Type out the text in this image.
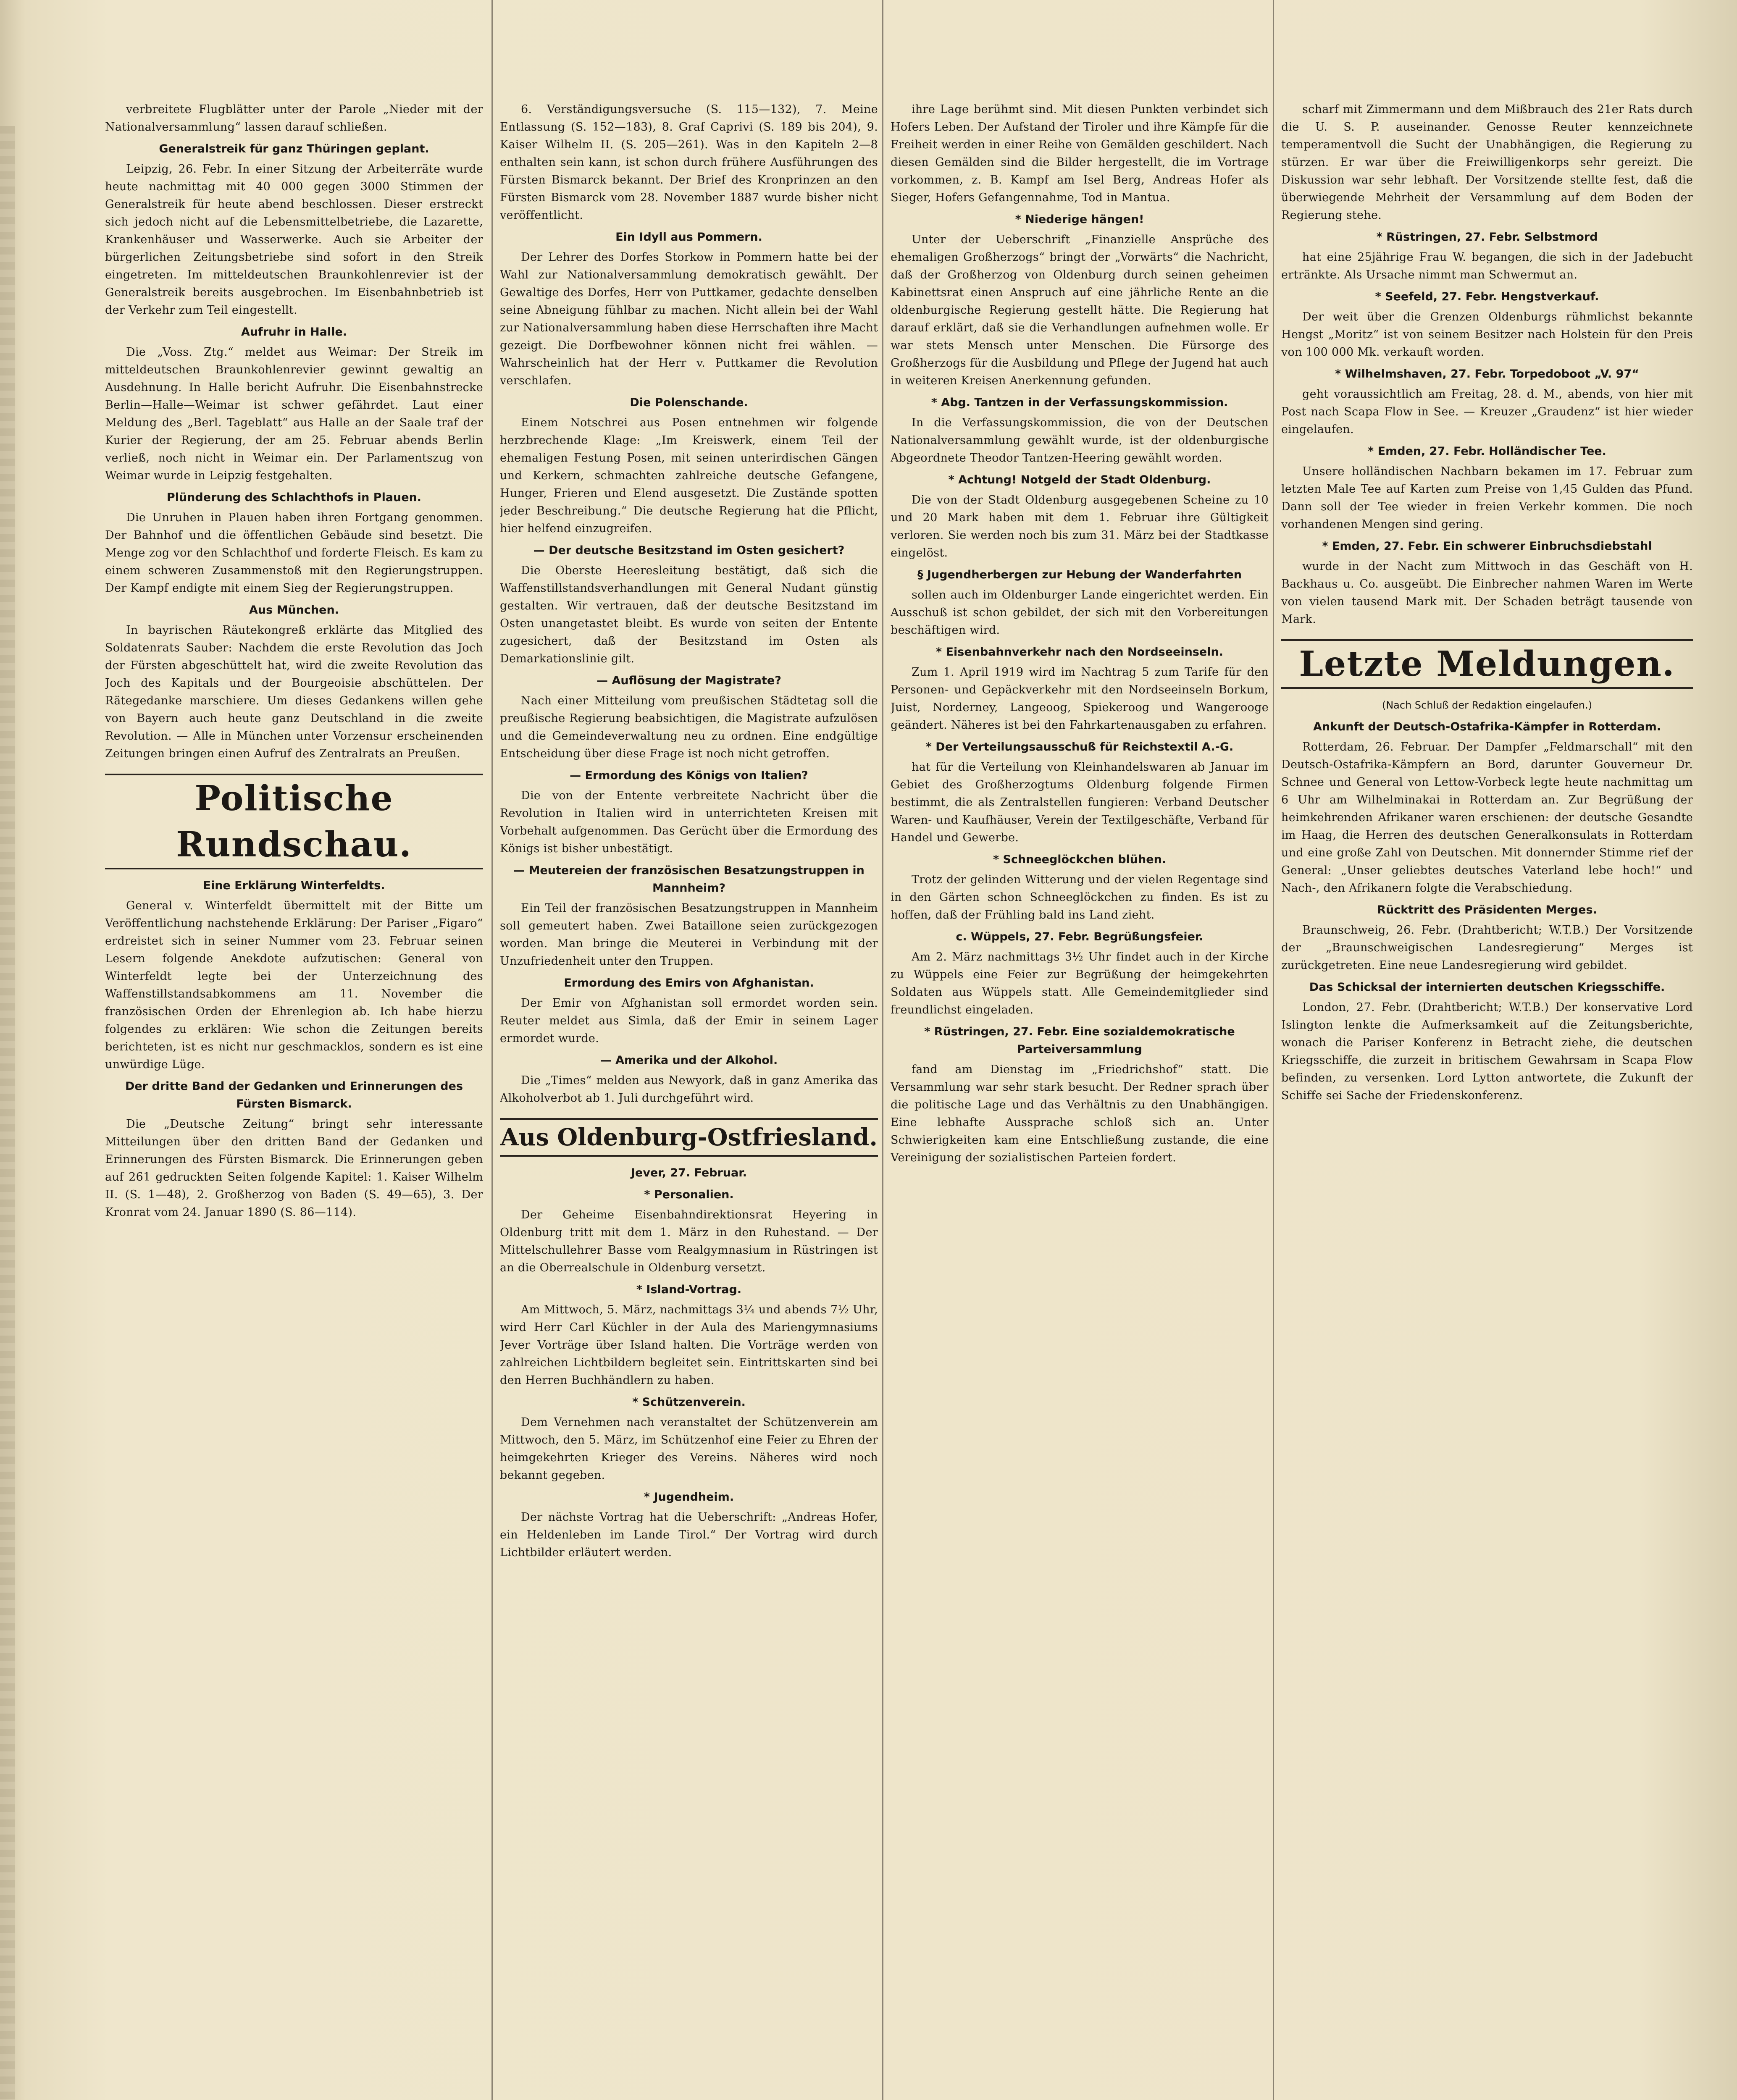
verbreitete Flugblätter unter der Parole „Nieder mit der Nationalversammlung“ lassen darauf schließen.

Generalstreik für ganz Thüringen geplant.

Leipzig, 26. Febr. In einer Sitzung der Arbeiterräte wurde heute nachmittag mit 40 000 gegen 3000 Stimmen der Generalstreik für heute abend beschlossen. Dieser erstreckt sich jedoch nicht auf die Lebensmittelbetriebe, die Lazarette, Krankenhäuser und Wasserwerke. Auch sie Arbeiter der bürgerlichen Zeitungsbetriebe sind sofort in den Streik eingetreten. Im mitteldeutschen Braunkohlenrevier ist der Generalstreik bereits ausgebrochen. Im Eisenbahnbetrieb ist der Verkehr zum Teil eingestellt.

Aufruhr in Halle.

Die „Voss. Ztg.“ meldet aus Weimar: Der Streik im mitteldeutschen Braunkohlenrevier gewinnt gewaltig an Ausdehnung. In Halle bericht Aufruhr. Die Eisenbahnstrecke Berlin—Halle—Weimar ist schwer gefährdet. Laut einer Meldung des „Berl. Tageblatt“ aus Halle an der Saale traf der Kurier der Regierung, der am 25. Februar abends Berlin verließ, noch nicht in Weimar ein. Der Parlamentszug von Weimar wurde in Leipzig festgehalten.

Plünderung des Schlachthofs in Plauen.

Die Unruhen in Plauen haben ihren Fortgang genommen. Der Bahnhof und die öffentlichen Gebäude sind besetzt. Die Menge zog vor den Schlachthof und forderte Fleisch. Es kam zu einem schweren Zusammenstoß mit den Regierungstruppen. Der Kampf endigte mit einem Sieg der Regierungstruppen.

Aus München.

In bayrischen Räutekongreß erklärte das Mitglied des Soldatenrats Sauber: Nachdem die erste Revolution das Joch der Fürsten abgeschüttelt hat, wird die zweite Revolution das Joch des Kapitals und der Bourgeoisie abschüttelen. Der Rätegedanke marschiere. Um dieses Gedankens willen gehe von Bayern auch heute ganz Deutschland in die zweite Revolution. — Alle in München unter Vorzensur erscheinenden Zeitungen bringen einen Aufruf des Zentralrats an Preußen.

Politische Rundschau.
Eine Erklärung Winterfeldts.

General v. Winterfeldt übermittelt mit der Bitte um Veröffentlichung nachstehende Erklärung: Der Pariser „Figaro“ erdreistet sich in seiner Nummer vom 23. Februar seinen Lesern folgende Anekdote aufzutischen: General von Winterfeldt legte bei der Unterzeichnung des Waffenstillstandsabkommens am 11. November die französischen Orden der Ehrenlegion ab. Ich habe hierzu folgendes zu erklären: Wie schon die Zeitungen bereits berichteten, ist es nicht nur geschmacklos, sondern es ist eine unwürdige Lüge.

Der dritte Band der Gedanken und Erinnerungen des Fürsten Bismarck.

Die „Deutsche Zeitung“ bringt sehr interessante Mitteilungen über den dritten Band der Gedanken und Erinnerungen des Fürsten Bismarck. Die Erinnerungen geben auf 261 gedruckten Seiten folgende Kapitel: 1. Kaiser Wilhelm II. (S. 1—48), 2. Großherzog von Baden (S. 49—65), 3. Der Kronrat vom 24. Januar 1890 (S. 86—114).

6. Verständigungsversuche (S. 115—132), 7. Meine Entlassung (S. 152—183), 8. Graf Caprivi (S. 189 bis 204), 9. Kaiser Wilhelm II. (S. 205—261). Was in den Kapiteln 2—8 enthalten sein kann, ist schon durch frühere Ausführungen des Fürsten Bismarck bekannt. Der Brief des Kronprinzen an den Fürsten Bismarck vom 28. November 1887 wurde bisher nicht veröffentlicht.

Ein Idyll aus Pommern.

Der Lehrer des Dorfes Storkow in Pommern hatte bei der Wahl zur Nationalversammlung demokratisch gewählt. Der Gewaltige des Dorfes, Herr von Puttkamer, gedachte denselben seine Abneigung fühlbar zu machen. Nicht allein bei der Wahl zur Nationalversammlung haben diese Herrschaften ihre Macht gezeigt. Die Dorfbewohner können nicht frei wählen. — Wahrscheinlich hat der Herr v. Puttkamer die Revolution verschlafen.

Die Polenschande.

Einem Notschrei aus Posen entnehmen wir folgende herzbrechende Klage: „Im Kreiswerk, einem Teil der ehemaligen Festung Posen, mit seinen unterirdischen Gängen und Kerkern, schmachten zahlreiche deutsche Gefangene, Hunger, Frieren und Elend ausgesetzt. Die Zustände spotten jeder Beschreibung.“ Die deutsche Regierung hat die Pflicht, hier helfend einzugreifen.

— Der deutsche Besitzstand im Osten gesichert?

Die Oberste Heeresleitung bestätigt, daß sich die Waffenstillstandsverhandlungen mit General Nudant günstig gestalten. Wir vertrauen, daß der deutsche Besitzstand im Osten unangetastet bleibt. Es wurde von seiten der Entente zugesichert, daß der Besitzstand im Osten als Demarkationslinie gilt.

— Auflösung der Magistrate?

Nach einer Mitteilung vom preußischen Städtetag soll die preußische Regierung beabsichtigen, die Magistrate aufzulösen und die Gemeindeverwaltung neu zu ordnen. Eine endgültige Entscheidung über diese Frage ist noch nicht getroffen.

— Ermordung des Königs von Italien?

Die von der Entente verbreitete Nachricht über die Revolution in Italien wird in unterrichteten Kreisen mit Vorbehalt aufgenommen. Das Gerücht über die Ermordung des Königs ist bisher unbestätigt.

— Meutereien der französischen Besatzungstruppen in Mannheim?

Ein Teil der französischen Besatzungstruppen in Mannheim soll gemeutert haben. Zwei Bataillone seien zurückgezogen worden. Man bringe die Meuterei in Verbindung mit der Unzufriedenheit unter den Truppen.

Ermordung des Emirs von Afghanistan.

Der Emir von Afghanistan soll ermordet worden sein. Reuter meldet aus Simla, daß der Emir in seinem Lager ermordet wurde.

— Amerika und der Alkohol.

Die „Times“ melden aus Newyork, daß in ganz Amerika das Alkoholverbot ab 1. Juli durchgeführt wird.

Aus Oldenburg-Ostfriesland.
Jever, 27. Februar.
* Personalien.

Der Geheime Eisenbahndirektionsrat Heyering in Oldenburg tritt mit dem 1. März in den Ruhestand. — Der Mittelschullehrer Basse vom Realgymnasium in Rüstringen ist an die Oberrealschule in Oldenburg versetzt.

* Island-Vortrag.

Am Mittwoch, 5. März, nachmittags 3¼ und abends 7½ Uhr, wird Herr Carl Küchler in der Aula des Mariengymnasiums Jever Vorträge über Island halten. Die Vorträge werden von zahlreichen Lichtbildern begleitet sein. Eintrittskarten sind bei den Herren Buchhändlern zu haben.

* Schützenverein.

Dem Vernehmen nach veranstaltet der Schützenverein am Mittwoch, den 5. März, im Schützenhof eine Feier zu Ehren der heimgekehrten Krieger des Vereins. Näheres wird noch bekannt gegeben.

* Jugendheim.

Der nächste Vortrag hat die Ueberschrift: „Andreas Hofer, ein Heldenleben im Lande Tirol.“ Der Vortrag wird durch Lichtbilder erläutert werden.

ihre Lage berühmt sind. Mit diesen Punkten verbindet sich Hofers Leben. Der Aufstand der Tiroler und ihre Kämpfe für die Freiheit werden in einer Reihe von Gemälden geschildert. Nach diesen Gemälden sind die Bilder hergestellt, die im Vortrage vorkommen, z. B. Kampf am Isel Berg, Andreas Hofer als Sieger, Hofers Gefangennahme, Tod in Mantua.

* Niederige hängen!

Unter der Ueberschrift „Finanzielle Ansprüche des ehemaligen Großherzogs“ bringt der „Vorwärts“ die Nachricht, daß der Großherzog von Oldenburg durch seinen geheimen Kabinettsrat einen Anspruch auf eine jährliche Rente an die oldenburgische Regierung gestellt hätte. Die Regierung hat darauf erklärt, daß sie die Verhandlungen aufnehmen wolle. Er war stets Mensch unter Menschen. Die Fürsorge des Großherzogs für die Ausbildung und Pflege der Jugend hat auch in weiteren Kreisen Anerkennung gefunden.

* Abg. Tantzen in der Verfassungskommission.

In die Verfassungskommission, die von der Deutschen Nationalversammlung gewählt wurde, ist der oldenburgische Abgeordnete Theodor Tantzen-Heering gewählt worden.

* Achtung! Notgeld der Stadt Oldenburg.

Die von der Stadt Oldenburg ausgegebenen Scheine zu 10 und 20 Mark haben mit dem 1. Februar ihre Gültigkeit verloren. Sie werden noch bis zum 31. März bei der Stadtkasse eingelöst.

§ Jugendherbergen zur Hebung der Wanderfahrten

sollen auch im Oldenburger Lande eingerichtet werden. Ein Ausschuß ist schon gebildet, der sich mit den Vorbereitungen beschäftigen wird.

* Eisenbahnverkehr nach den Nordseeinseln.

Zum 1. April 1919 wird im Nachtrag 5 zum Tarife für den Personen- und Gepäckverkehr mit den Nordseeinseln Borkum, Juist, Norderney, Langeoog, Spiekeroog und Wangerooge geändert. Näheres ist bei den Fahrkartenausgaben zu erfahren.

* Der Verteilungsausschuß für Reichstextil A.-G.

hat für die Verteilung von Kleinhandelswaren ab Januar im Gebiet des Großherzogtums Oldenburg folgende Firmen bestimmt, die als Zentralstellen fungieren: Verband Deutscher Waren- und Kaufhäuser, Verein der Textilgeschäfte, Verband für Handel und Gewerbe.

* Schneeglöckchen blühen.

Trotz der gelinden Witterung und der vielen Regentage sind in den Gärten schon Schneeglöckchen zu finden. Es ist zu hoffen, daß der Frühling bald ins Land zieht.

c. Wüppels, 27. Febr. Begrüßungsfeier.

Am 2. März nachmittags 3½ Uhr findet auch in der Kirche zu Wüppels eine Feier zur Begrüßung der heimgekehrten Soldaten aus Wüppels statt. Alle Gemeindemitglieder sind freundlichst eingeladen.

* Rüstringen, 27. Febr. Eine sozialdemokratische Parteiversammlung

fand am Dienstag im „Friedrichshof“ statt. Die Versammlung war sehr stark besucht. Der Redner sprach über die politische Lage und das Verhältnis zu den Unabhängigen. Eine lebhafte Aussprache schloß sich an. Unter Schwierigkeiten kam eine Entschließung zustande, die eine Vereinigung der sozialistischen Parteien fordert.

scharf mit Zimmermann und dem Mißbrauch des 21er Rats durch die U. S. P. auseinander. Genosse Reuter kennzeichnete temperamentvoll die Sucht der Unabhängigen, die Regierung zu stürzen. Er war über die Freiwilligenkorps sehr gereizt. Die Diskussion war sehr lebhaft. Der Vorsitzende stellte fest, daß die überwiegende Mehrheit der Versammlung auf dem Boden der Regierung stehe.

* Rüstringen, 27. Febr. Selbstmord

hat eine 25jährige Frau W. begangen, die sich in der Jadebucht ertränkte. Als Ursache nimmt man Schwermut an.

* Seefeld, 27. Febr. Hengstverkauf.

Der weit über die Grenzen Oldenburgs rühmlichst bekannte Hengst „Moritz“ ist von seinem Besitzer nach Holstein für den Preis von 100 000 Mk. verkauft worden.

* Wilhelmshaven, 27. Febr. Torpedoboot „V. 97“

geht voraussichtlich am Freitag, 28. d. M., abends, von hier mit Post nach Scapa Flow in See. — Kreuzer „Graudenz“ ist hier wieder eingelaufen.

* Emden, 27. Febr. Holländischer Tee.

Unsere holländischen Nachbarn bekamen im 17. Februar zum letzten Male Tee auf Karten zum Preise von 1,45 Gulden das Pfund. Dann soll der Tee wieder in freien Verkehr kommen. Die noch vorhandenen Mengen sind gering.

* Emden, 27. Febr. Ein schwerer Einbruchsdiebstahl

wurde in der Nacht zum Mittwoch in das Geschäft von H. Backhaus u. Co. ausgeübt. Die Einbrecher nahmen Waren im Werte von vielen tausend Mark mit. Der Schaden beträgt tausende von Mark.

Letzte Meldungen.
(Nach Schluß der Redaktion eingelaufen.)
Ankunft der Deutsch-Ostafrika-Kämpfer in Rotterdam.

Rotterdam, 26. Februar. Der Dampfer „Feldmarschall“ mit den Deutsch-Ostafrika-Kämpfern an Bord, darunter Gouverneur Dr. Schnee und General von Lettow-Vorbeck legte heute nachmittag um 6 Uhr am Wilhelminakai in Rotterdam an. Zur Begrüßung der heimkehrenden Afrikaner waren erschienen: der deutsche Gesandte im Haag, die Herren des deutschen Generalkonsulats in Rotterdam und eine große Zahl von Deutschen. Mit donnernder Stimme rief der General: „Unser geliebtes deutsches Vaterland lebe hoch!“ und Nach-, den Afrikanern folgte die Verabschiedung.

Rücktritt des Präsidenten Merges.

Braunschweig, 26. Febr. (Drahtbericht; W.T.B.) Der Vorsitzende der „Braunschweigischen Landesregierung“ Merges ist zurückgetreten. Eine neue Landesregierung wird gebildet.

Das Schicksal der internierten deutschen Kriegsschiffe.

London, 27. Febr. (Drahtbericht; W.T.B.) Der konservative Lord Islington lenkte die Aufmerksamkeit auf die Zeitungsberichte, wonach die Pariser Konferenz in Betracht ziehe, die deutschen Kriegsschiffe, die zurzeit in britischem Gewahrsam in Scapa Flow befinden, zu versenken. Lord Lytton antwortete, die Zukunft der Schiffe sei Sache der Friedenskonferenz.
